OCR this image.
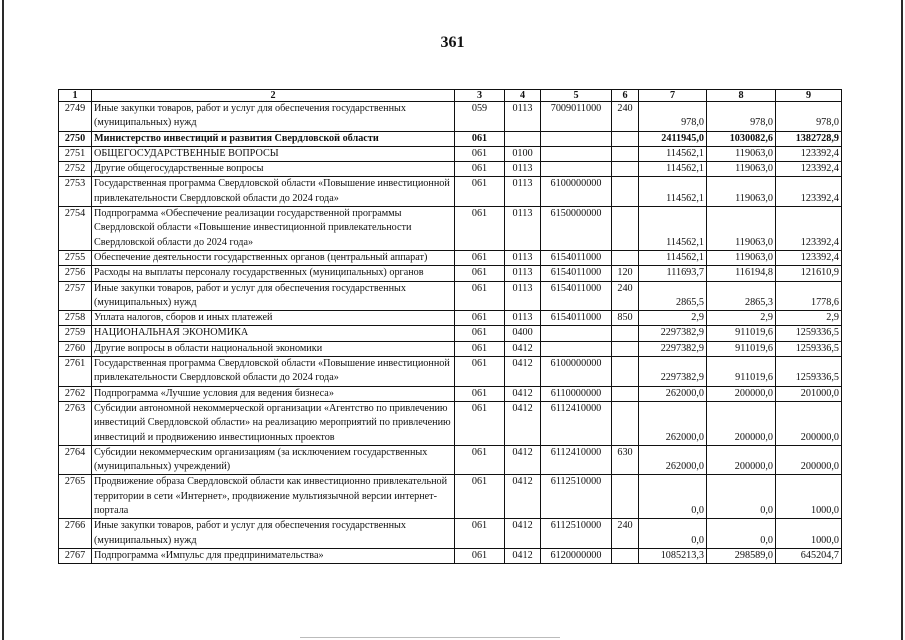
361
1	2	3	4	5	6	7	8	9
2749	Иные закупки товаров, работ и услуг для обеспечения государственных (муниципальных) нужд	059	0113	7009011000	240	978,0	978,0	978,0
2750	Министерство инвестиций и развития Свердловской области	061				2411945,0	1030082,6	1382728,9
2751	ОБЩЕГОСУДАРСТВЕННЫЕ ВОПРОСЫ	061	0100			114562,1	119063,0	123392,4
2752	Другие общегосударственные вопросы	061	0113			114562,1	119063,0	123392,4
2753	Государственная программа Свердловской области «Повышение инвестиционной привлекательности Свердловской области до 2024 года»	061	0113	6100000000		114562,1	119063,0	123392,4
2754	Подпрограмма «Обеспечение реализации государственной программы Свердловской области «Повышение инвестиционной привлекательности Свердловской области до 2024 года»	061	0113	6150000000		114562,1	119063,0	123392,4
2755	Обеспечение деятельности государственных органов (центральный аппарат)	061	0113	6154011000		114562,1	119063,0	123392,4
2756	Расходы на выплаты персоналу государственных (муниципальных) органов	061	0113	6154011000	120	111693,7	116194,8	121610,9
2757	Иные закупки товаров, работ и услуг для обеспечения государственных (муниципальных) нужд	061	0113	6154011000	240	2865,5	2865,3	1778,6
2758	Уплата налогов, сборов и иных платежей	061	0113	6154011000	850	2,9	2,9	2,9
2759	НАЦИОНАЛЬНАЯ ЭКОНОМИКА	061	0400			2297382,9	911019,6	1259336,5
2760	Другие вопросы в области национальной экономики	061	0412			2297382,9	911019,6	1259336,5
2761	Государственная программа Свердловской области «Повышение инвестиционной привлекательности Свердловской области до 2024 года»	061	0412	6100000000		2297382,9	911019,6	1259336,5
2762	Подпрограмма «Лучшие условия для ведения бизнеса»	061	0412	6110000000		262000,0	200000,0	201000,0
2763	Субсидии автономной некоммерческой организации «Агентство по привлечению инвестиций Свердловской области» на реализацию мероприятий по привлечению инвестиций и продвижению инвестиционных проектов	061	0412	6112410000		262000,0	200000,0	200000,0
2764	Субсидии некоммерческим организациям (за исключением государственных (муниципальных) учреждений)	061	0412	6112410000	630	262000,0	200000,0	200000,0
2765	Продвижение образа Свердловской области как инвестиционно привлекательной территории в сети «Интернет», продвижение мультиязычной версии интернет-портала	061	0412	6112510000		0,0	0,0	1000,0
2766	Иные закупки товаров, работ и услуг для обеспечения государственных (муниципальных) нужд	061	0412	6112510000	240	0,0	0,0	1000,0
2767	Подпрограмма «Импульс для предпринимательства»	061	0412	6120000000		1085213,3	298589,0	645204,7
